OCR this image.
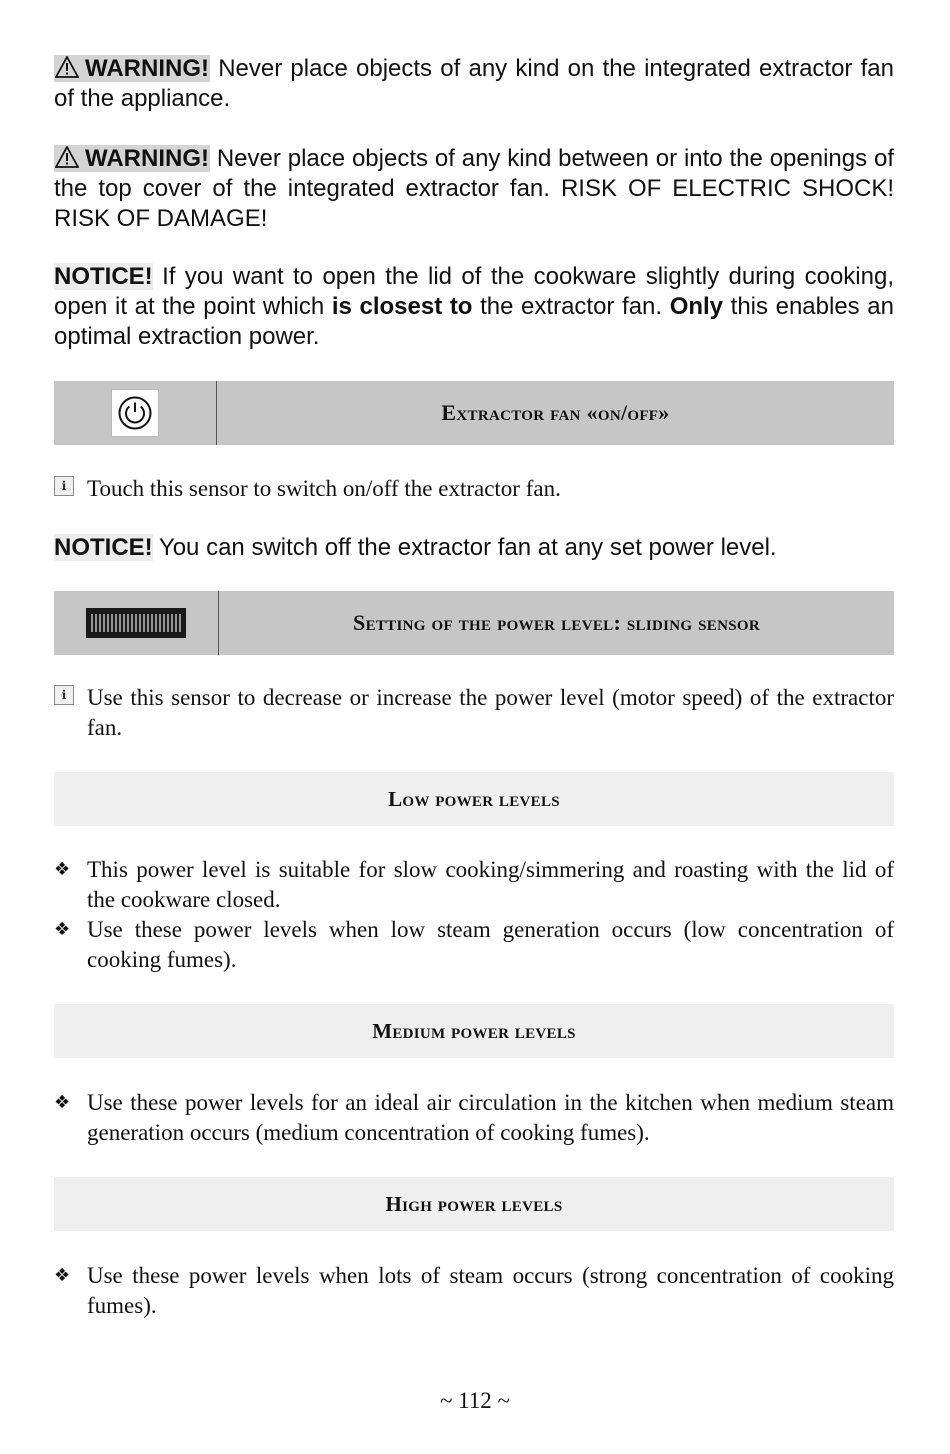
WARNING! Never place objects of any kind on the integrated extractor fan of the appliance.

WARNING! Never place objects of any kind between or into the openings of the top cover of the integrated extractor fan. RISK OF ELECTRIC SHOCK! RISK OF DAMAGE!

NOTICE! If you want to open the lid of the cookware slightly during cooking, open it at the point which is closest to the extractor fan. Only this enables an optimal extraction power.

Extractor fan «on/off»
i Touch this sensor to switch on/off the extractor fan.

NOTICE! You can switch off the extractor fan at any set power level.

Setting of the power level: sliding sensor
i Use this sensor to decrease or increase the power level (motor speed) of the extractor fan.
Low power levels
❖ This power level is suitable for slow cooking/simmering and roasting with the lid of the cookware closed.
❖ Use these power levels when low steam generation occurs (low concentration of cooking fumes).
Medium power levels
❖ Use these power levels for an ideal air circulation in the kitchen when medium steam generation occurs (medium concentration of cooking fumes).
High power levels
❖ Use these power levels when lots of steam occurs (strong concentration of cooking fumes).
~ 112 ~
